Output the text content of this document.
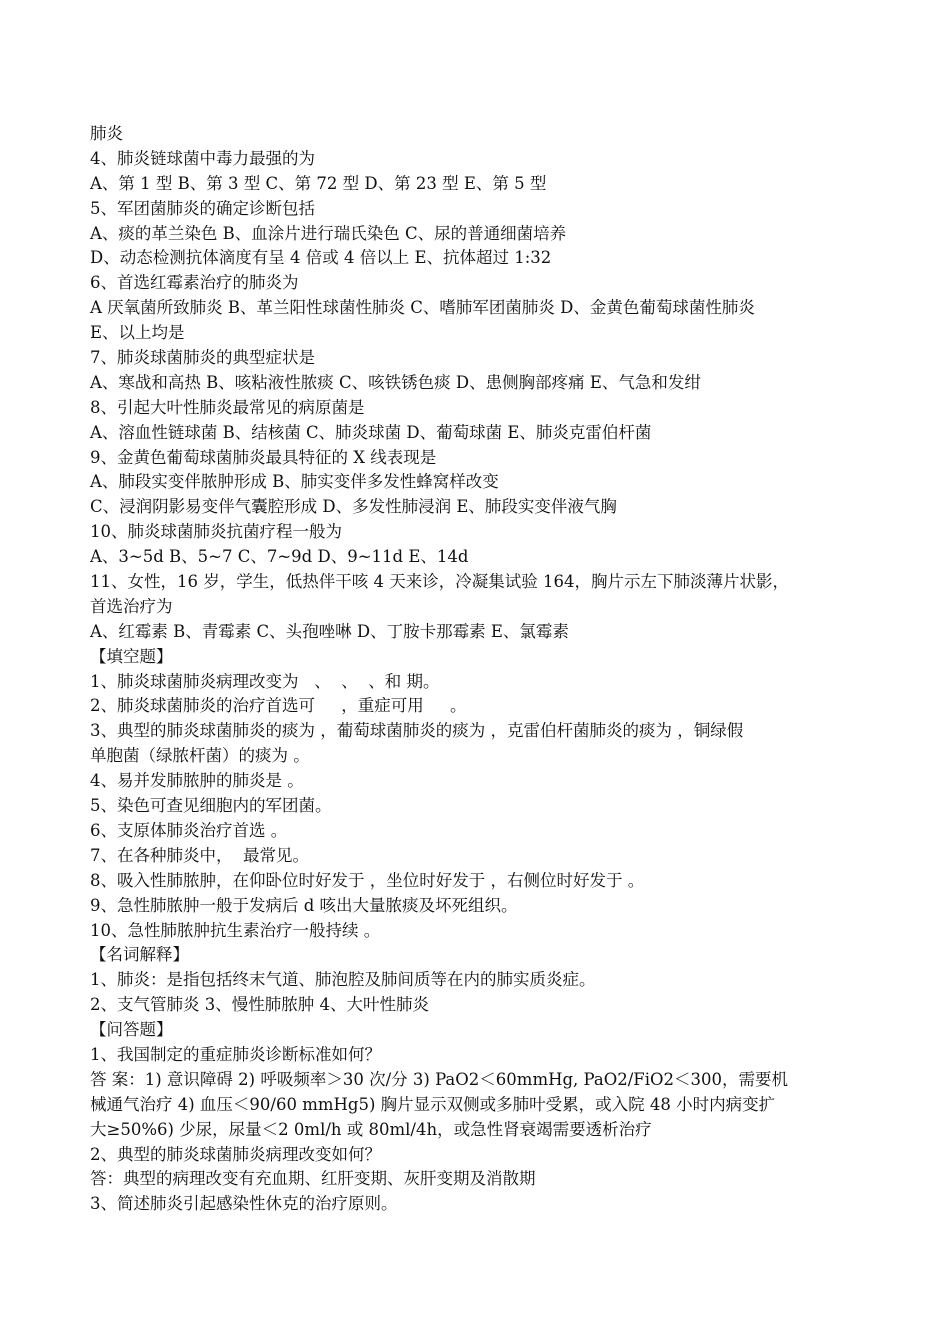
肺炎
4、肺炎链球菌中毒力最强的为
A、第 1 型 B、第 3 型 C、第 72 型 D、第 23 型 E、第 5 型
5、军团菌肺炎的确定诊断包括
A、痰的革兰染色 B、血涂片进行瑞氏染色 C、尿的普通细菌培养
D、动态检测抗体滴度有呈 4 倍或 4 倍以上 E、抗体超过 1:32
6、首选红霉素治疗的肺炎为
A 厌氧菌所致肺炎 B、革兰阳性球菌性肺炎 C、嗜肺军团菌肺炎 D、金黄色葡萄球菌性肺炎
E、以上均是
7、肺炎球菌肺炎的典型症状是
A、寒战和高热 B、咳粘液性脓痰 C、咳铁锈色痰 D、患侧胸部疼痛 E、气急和发绀
8、引起大叶性肺炎最常见的病原菌是
A、溶血性链球菌 B、结核菌 C、肺炎球菌 D、葡萄球菌 E、肺炎克雷伯杆菌
9、金黄色葡萄球菌肺炎最具特征的 X 线表现是
A、肺段实变伴脓肿形成 B、肺实变伴多发性蜂窝样改变
C、浸润阴影易变伴气囊腔形成 D、多发性肺浸润 E、肺段实变伴液气胸
10、肺炎球菌肺炎抗菌疗程一般为
A、3~5d B、5~7 C、7~9d D、9~11d E、14d
11、女性，16 岁，学生，低热伴干咳 4 天来诊，冷凝集试验 164，胸片示左下肺淡薄片状影，
首选治疗为
A、红霉素 B、青霉素 C、头孢唑啉 D、丁胺卡那霉素 E、氯霉素
【填空题】
1、肺炎球菌肺炎病理改变为   、  、  、和 期。
2、肺炎球菌肺炎的治疗首选可     ，重症可用     。
3、典型的肺炎球菌肺炎的痰为 ，葡萄球菌肺炎的痰为 ，克雷伯杆菌肺炎的痰为 ，铜绿假
单胞菌（绿脓杆菌）的痰为 。
4、易并发肺脓肿的肺炎是 。
5、染色可查见细胞内的军团菌。
6、支原体肺炎治疗首选 。
7、在各种肺炎中，  最常见。
8、吸入性肺脓肿，在仰卧位时好发于 ，坐位时好发于 ，右侧位时好发于 。
9、急性肺脓肿一般于发病后 d 咳出大量脓痰及坏死组织。
10、急性肺脓肿抗生素治疗一般持续 。
【名词解释】
1、肺炎：是指包括终末气道、肺泡腔及肺间质等在内的肺实质炎症。
2、支气管肺炎 3、慢性肺脓肿 4、大叶性肺炎
【问答题】
1、我国制定的重症肺炎诊断标准如何？
答 案：1) 意识障碍 2) 呼吸频率＞30 次/分 3) PaO2＜60mmHg, PaO2/FiO2＜300，需要机
械通气治疗 4) 血压＜90/60 mmHg5) 胸片显示双侧或多肺叶受累，或入院 48 小时内病变扩
大≥50%6) 少尿，尿量＜2 0ml/h 或 80ml/4h，或急性肾衰竭需要透析治疗
2、典型的肺炎球菌肺炎病理改变如何？
答：典型的病理改变有充血期、红肝变期、灰肝变期及消散期
3、简述肺炎引起感染性休克的治疗原则。
